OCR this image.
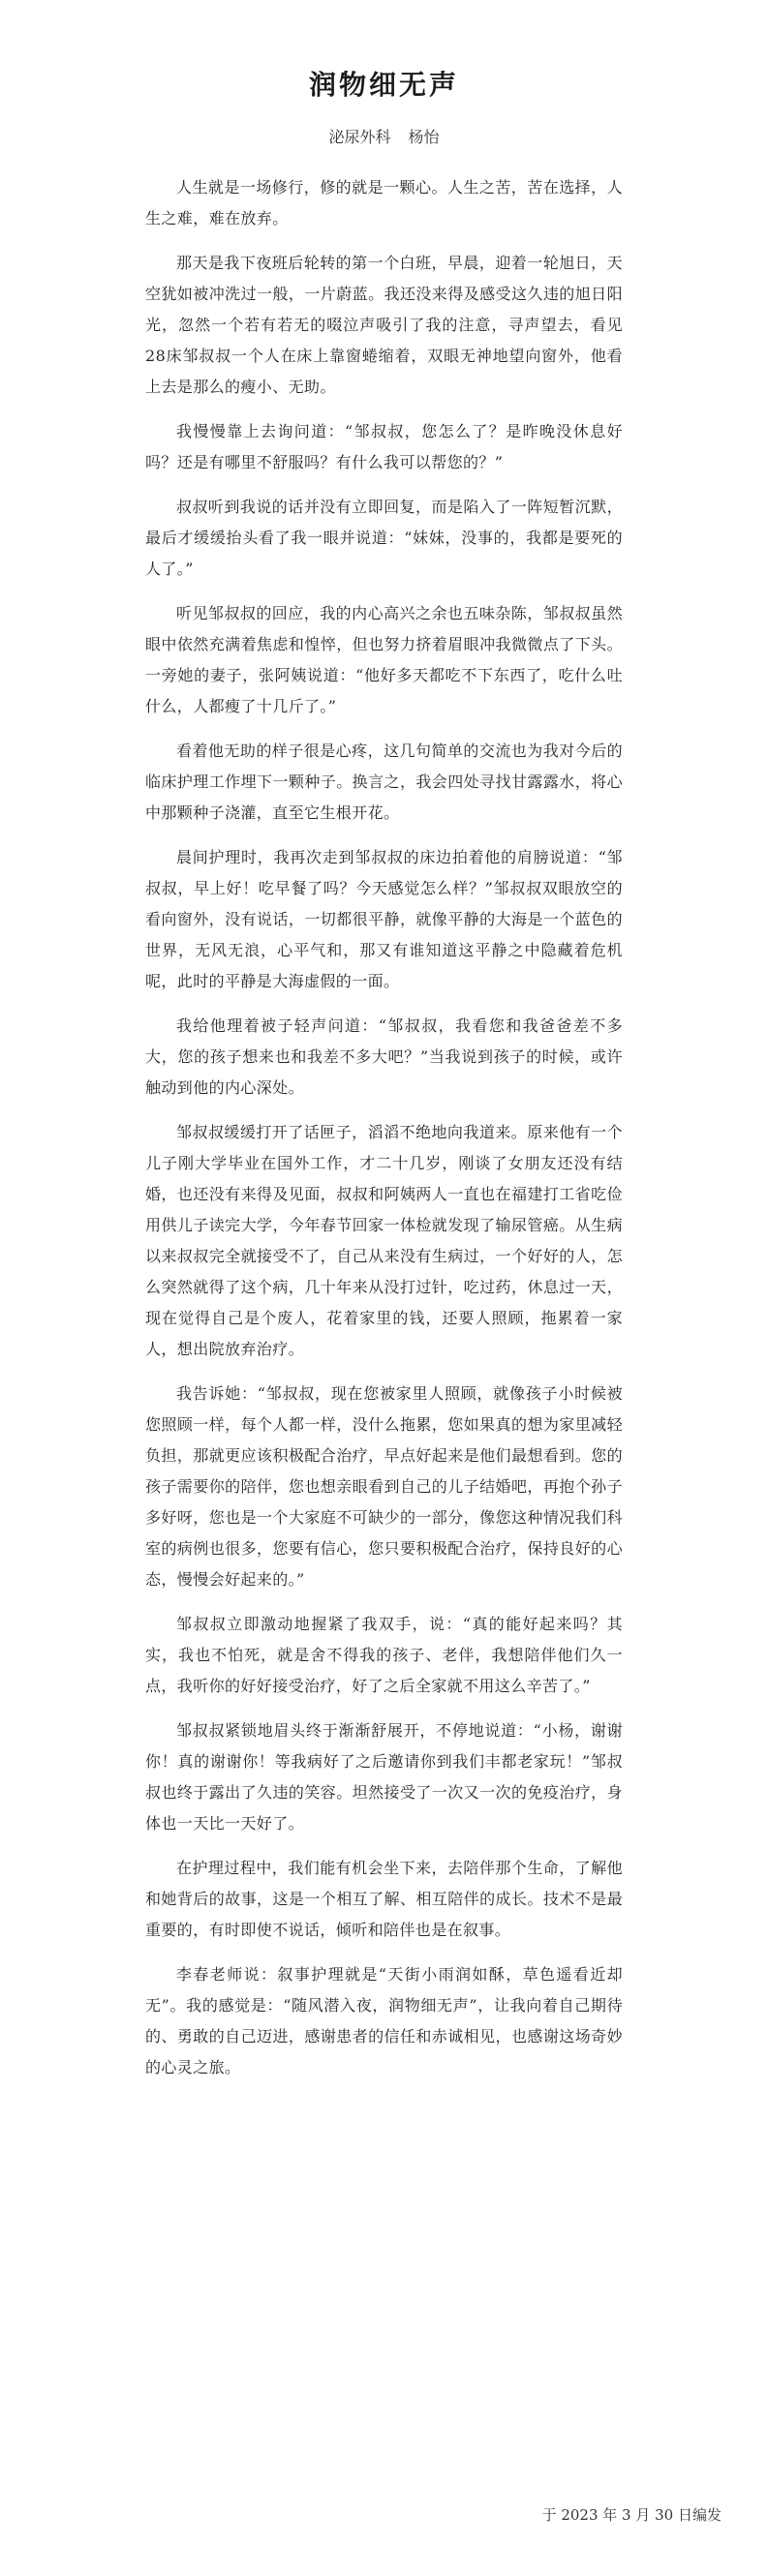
润物细无声
泌尿外科 杨怡

人生就是一场修行，修的就是一颗心。人生之苦，苦在选择，人生之难，难在放弃。

那天是我下夜班后轮转的第一个白班，早晨，迎着一轮旭日，天空犹如被冲洗过一般，一片蔚蓝。我还没来得及感受这久违的旭日阳光，忽然一个若有若无的啜泣声吸引了我的注意，寻声望去，看见28床邹叔叔一个人在床上靠窗蜷缩着，双眼无神地望向窗外，他看上去是那么的瘦小、无助。

我慢慢靠上去询问道：“邹叔叔，您怎么了？是昨晚没休息好吗？还是有哪里不舒服吗？有什么我可以帮您的？”

叔叔听到我说的话并没有立即回复，而是陷入了一阵短暂沉默，最后才缓缓抬头看了我一眼并说道：“妹妹，没事的，我都是要死的人了。”

听见邹叔叔的回应，我的内心高兴之余也五味杂陈，邹叔叔虽然眼中依然充满着焦虑和惶悴，但也努力挤着眉眼冲我微微点了下头。一旁她的妻子，张阿姨说道：“他好多天都吃不下东西了，吃什么吐什么，人都瘦了十几斤了。”

看着他无助的样子很是心疼，这几句简单的交流也为我对今后的临床护理工作埋下一颗种子。换言之，我会四处寻找甘露露水，将心中那颗种子浇灌，直至它生根开花。

晨间护理时，我再次走到邹叔叔的床边拍着他的肩膀说道：“邹叔叔，早上好！吃早餐了吗？今天感觉怎么样？”邹叔叔双眼放空的看向窗外，没有说话，一切都很平静，就像平静的大海是一个蓝色的世界，无风无浪，心平气和，那又有谁知道这平静之中隐藏着危机呢，此时的平静是大海虚假的一面。

我给他理着被子轻声问道：“邹叔叔，我看您和我爸爸差不多大，您的孩子想来也和我差不多大吧？”当我说到孩子的时候，或许触动到他的内心深处。

邹叔叔缓缓打开了话匣子，滔滔不绝地向我道来。原来他有一个儿子刚大学毕业在国外工作，才二十几岁，刚谈了女朋友还没有结婚，也还没有来得及见面，叔叔和阿姨两人一直也在福建打工省吃俭用供儿子读完大学，今年春节回家一体检就发现了输尿管癌。从生病以来叔叔完全就接受不了，自己从来没有生病过，一个好好的人，怎么突然就得了这个病，几十年来从没打过针，吃过药，休息过一天，现在觉得自己是个废人，花着家里的钱，还要人照顾，拖累着一家人，想出院放弃治疗。

我告诉她：“邹叔叔，现在您被家里人照顾，就像孩子小时候被您照顾一样，每个人都一样，没什么拖累，您如果真的想为家里减轻负担，那就更应该积极配合治疗，早点好起来是他们最想看到。您的孩子需要你的陪伴，您也想亲眼看到自己的儿子结婚吧，再抱个孙子多好呀，您也是一个大家庭不可缺少的一部分，像您这种情况我们科室的病例也很多，您要有信心，您只要积极配合治疗，保持良好的心态，慢慢会好起来的。”

邹叔叔立即激动地握紧了我双手，说：“真的能好起来吗？其实，我也不怕死，就是舍不得我的孩子、老伴，我想陪伴他们久一点，我听你的好好接受治疗，好了之后全家就不用这么辛苦了。”

邹叔叔紧锁地眉头终于渐渐舒展开，不停地说道：“小杨，谢谢你！真的谢谢你！等我病好了之后邀请你到我们丰都老家玩！”邹叔叔也终于露出了久违的笑容。坦然接受了一次又一次的免疫治疗，身体也一天比一天好了。

在护理过程中，我们能有机会坐下来，去陪伴那个生命，了解他和她背后的故事，这是一个相互了解、相互陪伴的成长。技术不是最重要的，有时即使不说话，倾听和陪伴也是在叙事。

李春老师说：叙事护理就是“天街小雨润如酥，草色遥看近却无”。我的感觉是：“随风潜入夜，润物细无声”，让我向着自己期待的、勇敢的自己迈进，感谢患者的信任和赤诚相见，也感谢这场奇妙的心灵之旅。

于 2023 年 3 月 30 日编发
